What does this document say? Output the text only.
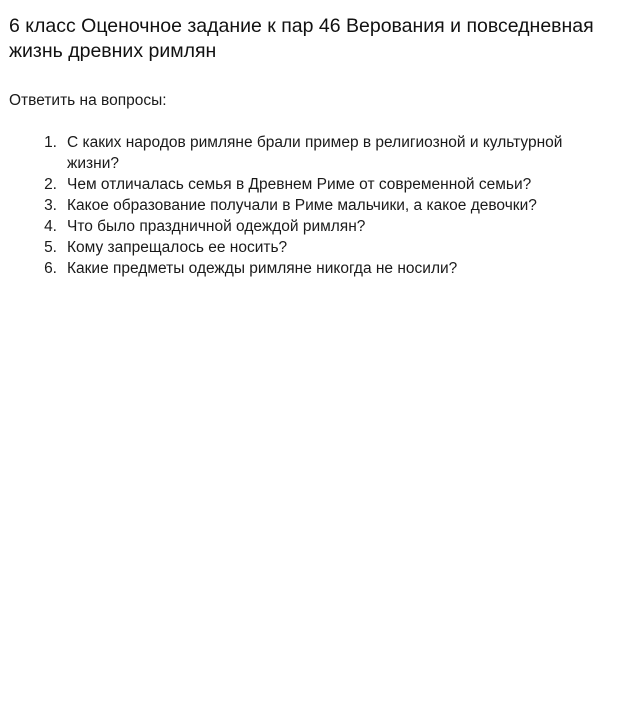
6 класс Оценочное задание к пар 46 Верования и повседневная жизнь древних римлян

Ответить на вопросы:

1. С каких народов римляне брали пример в религиозной и культурной жизни?
2. Чем отличалась семья в Древнем Риме от современной семьи?
3. Какое образование получали в Риме мальчики, а какое девочки?
4. Что было праздничной одеждой римлян?
5. Кому запрещалось ее носить?
6. Какие предметы одежды римляне никогда не носили?
